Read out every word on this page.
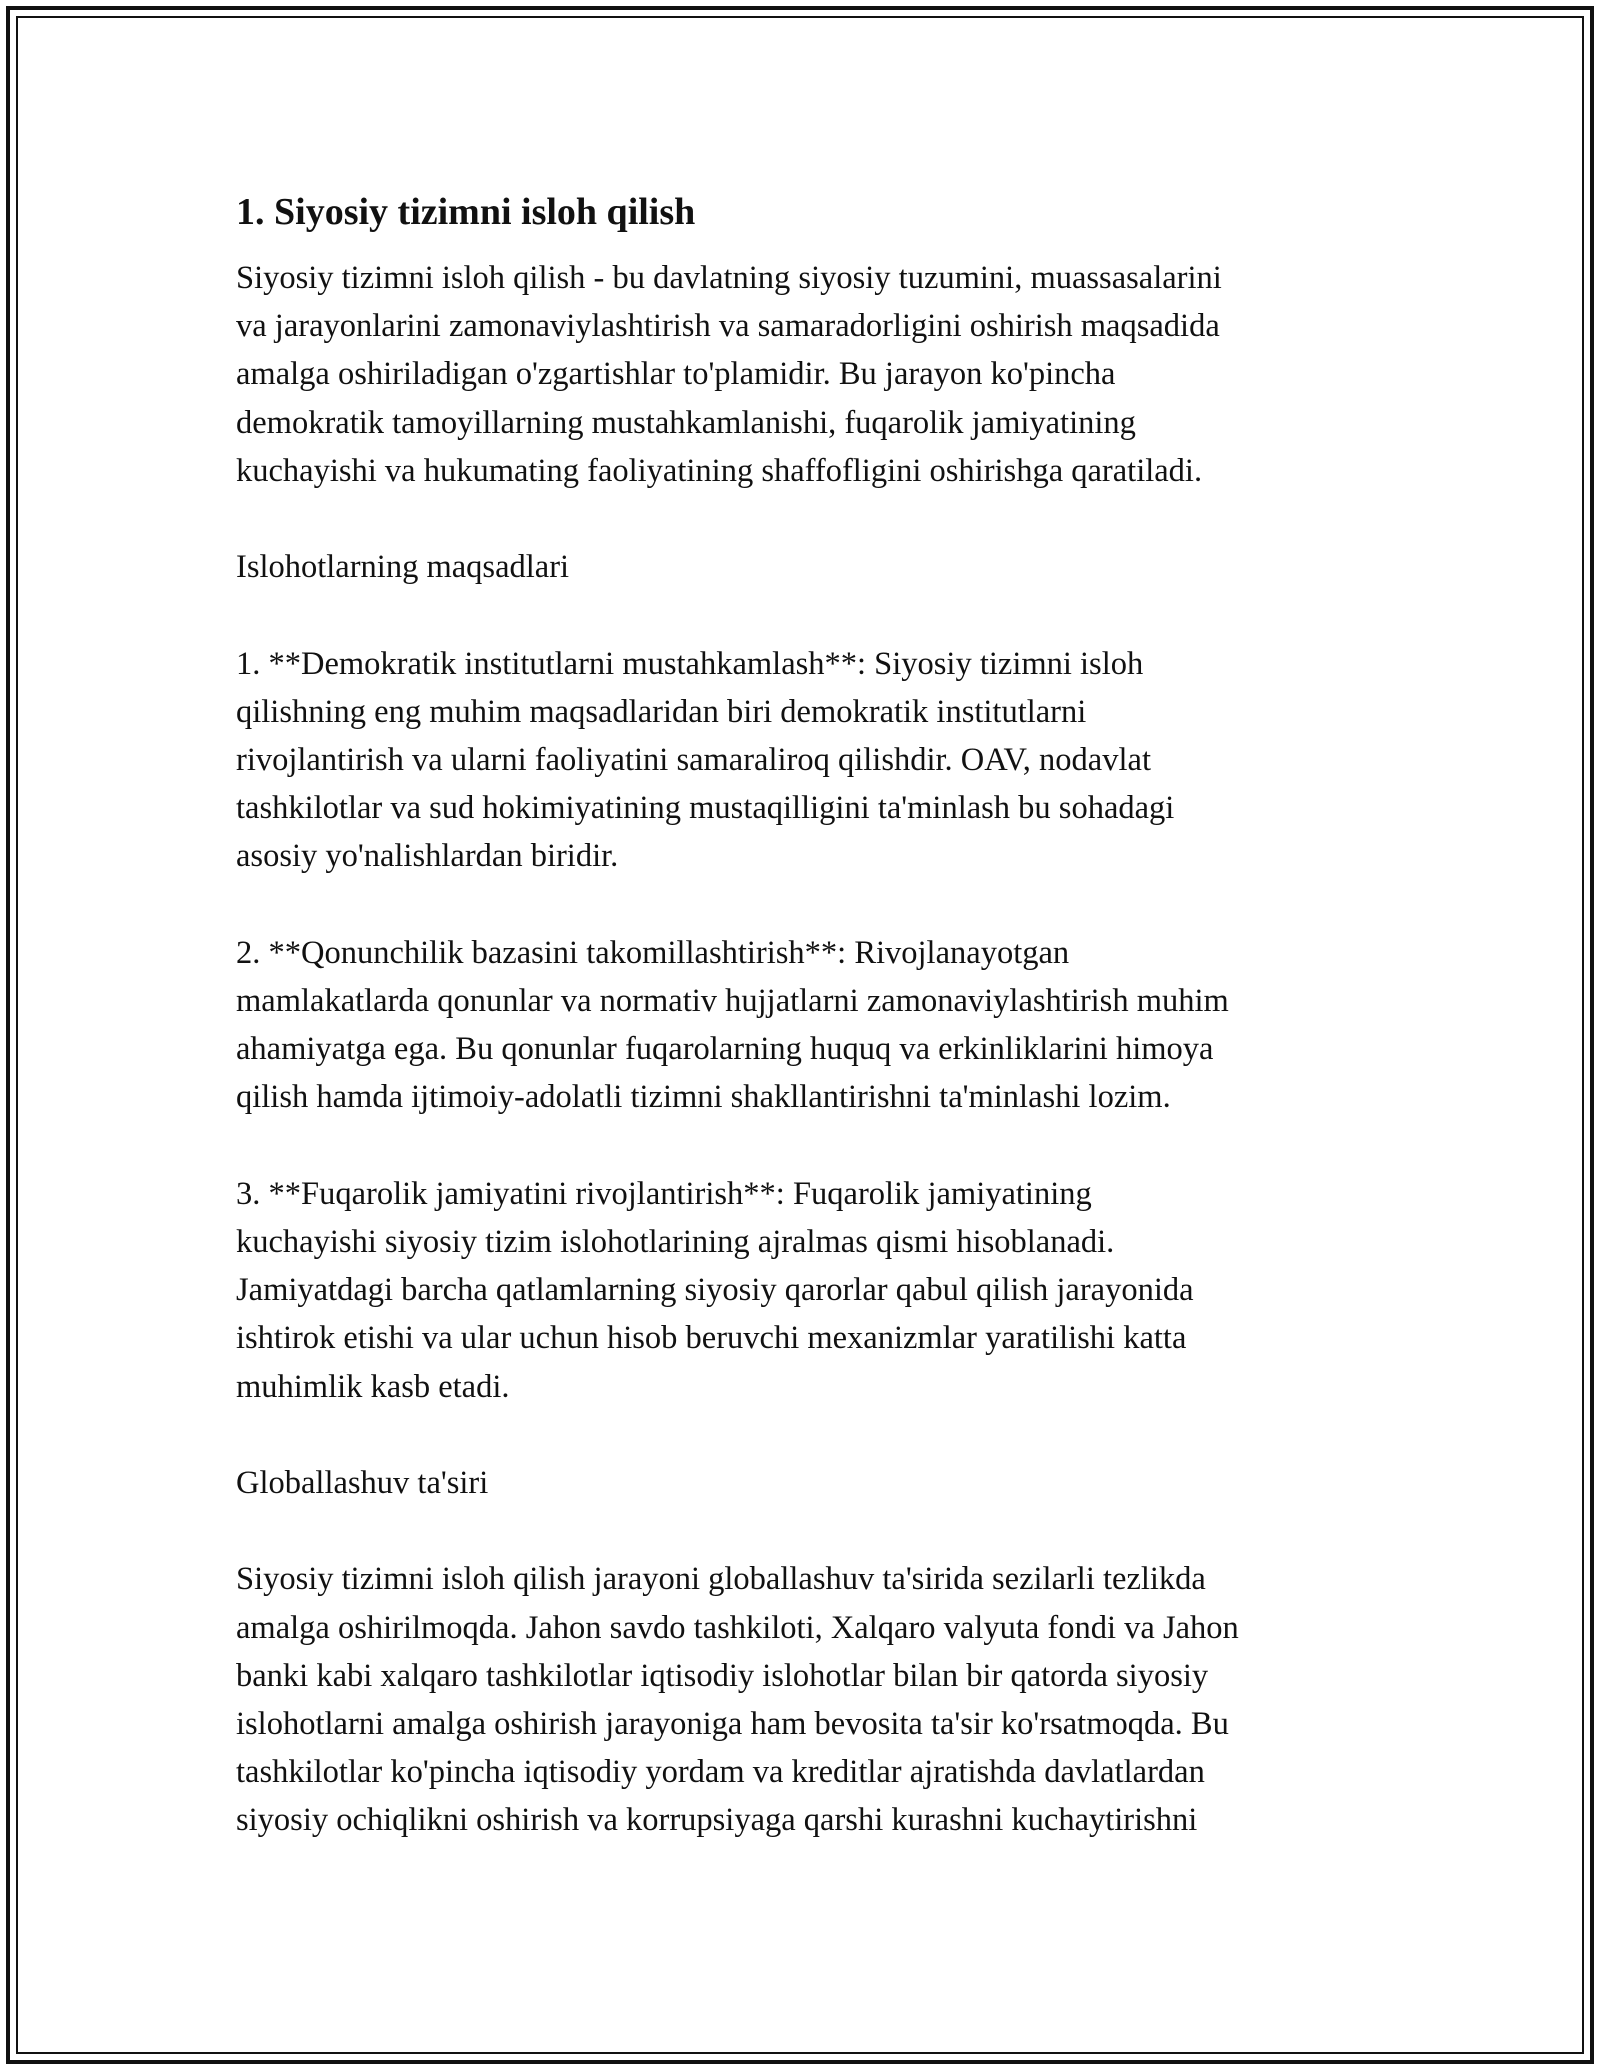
1. Siyosiy tizimni isloh qilish
Siyosiy tizimni isloh qilish - bu davlatning siyosiy tuzumini, muassasalarini
va jarayonlarini zamonaviylashtirish va samaradorligini oshirish maqsadida
amalga oshiriladigan o'zgartishlar to'plamidir. Bu jarayon ko'pincha
demokratik tamoyillarning mustahkamlanishi, fuqarolik jamiyatining
kuchayishi va hukumating faoliyatining shaffofligini oshirishga qaratiladi.
Islohotlarning maqsadlari
1. **Demokratik institutlarni mustahkamlash**: Siyosiy tizimni isloh
qilishning eng muhim maqsadlaridan biri demokratik institutlarni
rivojlantirish va ularni faoliyatini samaraliroq qilishdir. OAV, nodavlat
tashkilotlar va sud hokimiyatining mustaqilligini ta'minlash bu sohadagi
asosiy yo'nalishlardan biridir.
2. **Qonunchilik bazasini takomillashtirish**: Rivojlanayotgan
mamlakatlarda qonunlar va normativ hujjatlarni zamonaviylashtirish muhim
ahamiyatga ega. Bu qonunlar fuqarolarning huquq va erkinliklarini himoya
qilish hamda ijtimoiy-adolatli tizimni shakllantirishni ta'minlashi lozim.
3. **Fuqarolik jamiyatini rivojlantirish**: Fuqarolik jamiyatining
kuchayishi siyosiy tizim islohotlarining ajralmas qismi hisoblanadi.
Jamiyatdagi barcha qatlamlarning siyosiy qarorlar qabul qilish jarayonida
ishtirok etishi va ular uchun hisob beruvchi mexanizmlar yaratilishi katta
muhimlik kasb etadi.
Globallashuv ta'siri
Siyosiy tizimni isloh qilish jarayoni globallashuv ta'sirida sezilarli tezlikda
amalga oshirilmoqda. Jahon savdo tashkiloti, Xalqaro valyuta fondi va Jahon
banki kabi xalqaro tashkilotlar iqtisodiy islohotlar bilan bir qatorda siyosiy
islohotlarni amalga oshirish jarayoniga ham bevosita ta'sir ko'rsatmoqda. Bu
tashkilotlar ko'pincha iqtisodiy yordam va kreditlar ajratishda davlatlardan
siyosiy ochiqlikni oshirish va korrupsiyaga qarshi kurashni kuchaytirishni
